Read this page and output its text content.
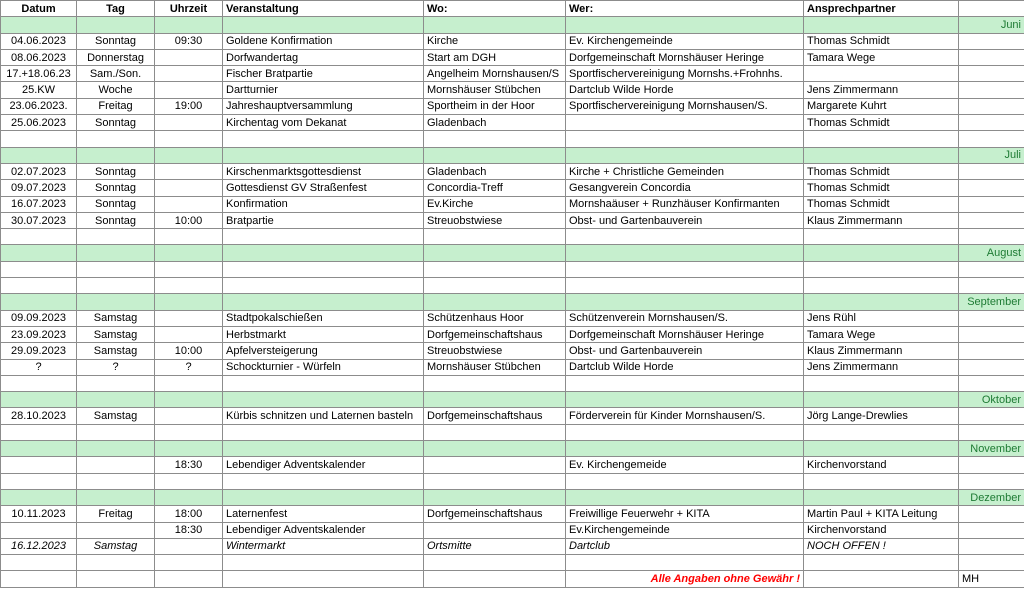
Datum	Tag	Uhrzeit	Veranstaltung	Wo:	Wer:	Ansprechpartner	
							Juni
04.06.2023	Sonntag	09:30	Goldene Konfirmation	Kirche	Ev. Kirchengemeinde	Thomas Schmidt	
08.06.2023	Donnerstag		Dorfwandertag	Start am DGH	Dorfgemeinschaft Mornshäuser Heringe	Tamara Wege	
17.+18.06.23	Sam./Son.		Fischer Bratpartie	Angelheim Mornshausen/S	Sportfischervereinigung Mornshs.+Frohnhs.		
25.KW	Woche		Dartturnier	Mornshäuser Stübchen	Dartclub Wilde Horde	Jens Zimmermann	
23.06.2023.	Freitag	19:00	Jahreshauptversammlung	Sportheim in der Hoor	Sportfischervereinigung Mornshausen/S.	Margarete Kuhrt	
25.06.2023	Sonntag		Kirchentag vom Dekanat	Gladenbach		Thomas Schmidt	

							Juli
02.07.2023	Sonntag		Kirschenmarktsgottesdienst	Gladenbach	Kirche + Christliche Gemeinden	Thomas Schmidt	
09.07.2023	Sonntag		Gottesdienst GV Straßenfest	Concordia-Treff	Gesangverein Concordia	Thomas Schmidt	
16.07.2023	Sonntag		Konfirmation	Ev.Kirche	Mornshaäuser + Runzhäuser Konfirmanten	Thomas Schmidt	
30.07.2023	Sonntag	10:00	Bratpartie	Streuobstwiese	Obst- und Gartenbauverein	Klaus Zimmermann	

							August

							September
09.09.2023	Samstag		Stadtpokalschießen	Schützenhaus Hoor	Schützenverein Mornshausen/S.	Jens Rühl	
23.09.2023	Samstag		Herbstmarkt	Dorfgemeinschaftshaus	Dorfgemeinschaft Mornshäuser Heringe	Tamara Wege	
29.09.2023	Samstag	10:00	Apfelversteigerung	Streuobstwiese	Obst- und Gartenbauverein	Klaus Zimmermann	
?	?	?	Schockturnier - Würfeln	Mornshäuser Stübchen	Dartclub Wilde Horde	Jens Zimmermann	

							Oktober
28.10.2023	Samstag		Kürbis schnitzen und Laternen basteln	Dorfgemeinschaftshaus	Förderverein für Kinder Mornshausen/S.	Jörg Lange-Drewlies	

							November
		18:30	Lebendiger Adventskalender		Ev. Kirchengemeide	Kirchenvorstand	

							Dezember
10.11.2023	Freitag	18:00	Laternenfest	Dorfgemeinschaftshaus	Freiwillige Feuerwehr + KITA	Martin Paul + KITA Leitung	
		18:30	Lebendiger Adventskalender		Ev.Kirchengemeinde	Kirchenvorstand	
16.12.2023	Samstag		Wintermarkt	Ortsmitte	Dartclub	NOCH OFFEN !	

					Alle Angaben ohne Gewähr !		MH
